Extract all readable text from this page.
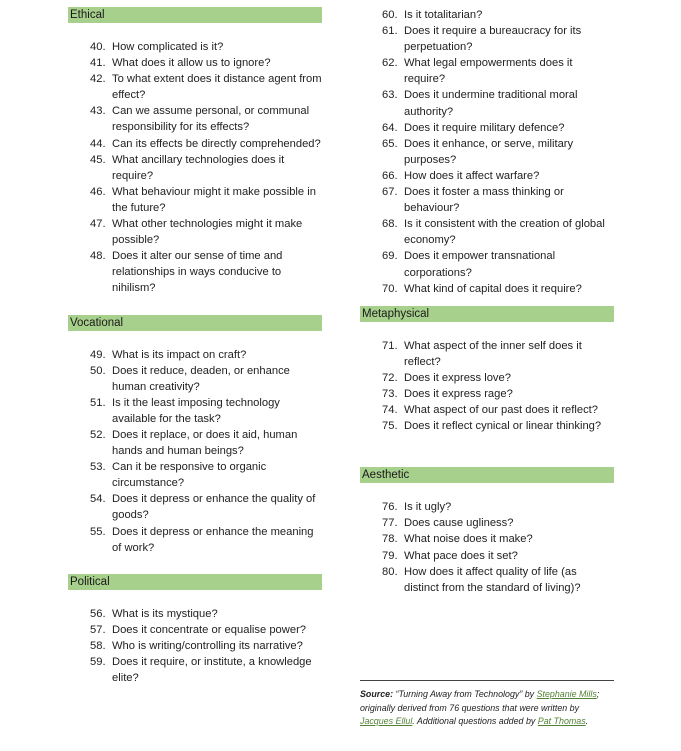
Ethical
40. How complicated is it?
41. What does it allow us to ignore?
42. To what extent does it distance agent from effect?
43. Can we assume personal, or communal responsibility for its effects?
44. Can its effects be directly comprehended?
45. What ancillary technologies does it require?
46. What behaviour might it make possible in the future?
47. What other technologies might it make possible?
48. Does it alter our sense of time and relationships in ways conducive to nihilism?
Vocational
49. What is its impact on craft?
50. Does it reduce, deaden, or enhance human creativity?
51. Is it the least imposing technology available for the task?
52. Does it replace, or does it aid, human hands and human beings?
53. Can it be responsive to organic circumstance?
54. Does it depress or enhance the quality of goods?
55. Does it depress or enhance the meaning of work?
Political
56. What is its mystique?
57. Does it concentrate or equalise power?
58. Who is writing/controlling its narrative?
59. Does it require, or institute, a knowledge elite?
60. Is it totalitarian?
61. Does it require a bureaucracy for its perpetuation?
62. What legal empowerments does it require?
63. Does it undermine traditional moral authority?
64. Does it require military defence?
65. Does it enhance, or serve, military purposes?
66. How does it affect warfare?
67. Does it foster a mass thinking or behaviour?
68. Is it consistent with the creation of global economy?
69. Does it empower transnational corporations?
70. What kind of capital does it require?
Metaphysical
71. What aspect of the inner self does it reflect?
72. Does it express love?
73. Does it express rage?
74. What aspect of our past does it reflect?
75. Does it reflect cynical or linear thinking?
Aesthetic
76. Is it ugly?
77. Does cause ugliness?
78. What noise does it make?
79. What pace does it set?
80. How does it affect quality of life (as distinct from the standard of living)?
Source: “Turning Away from Technology” by Stephanie Mills; originally derived from 76 questions that were written by Jacques Ellul. Additional questions added by Pat Thomas.
